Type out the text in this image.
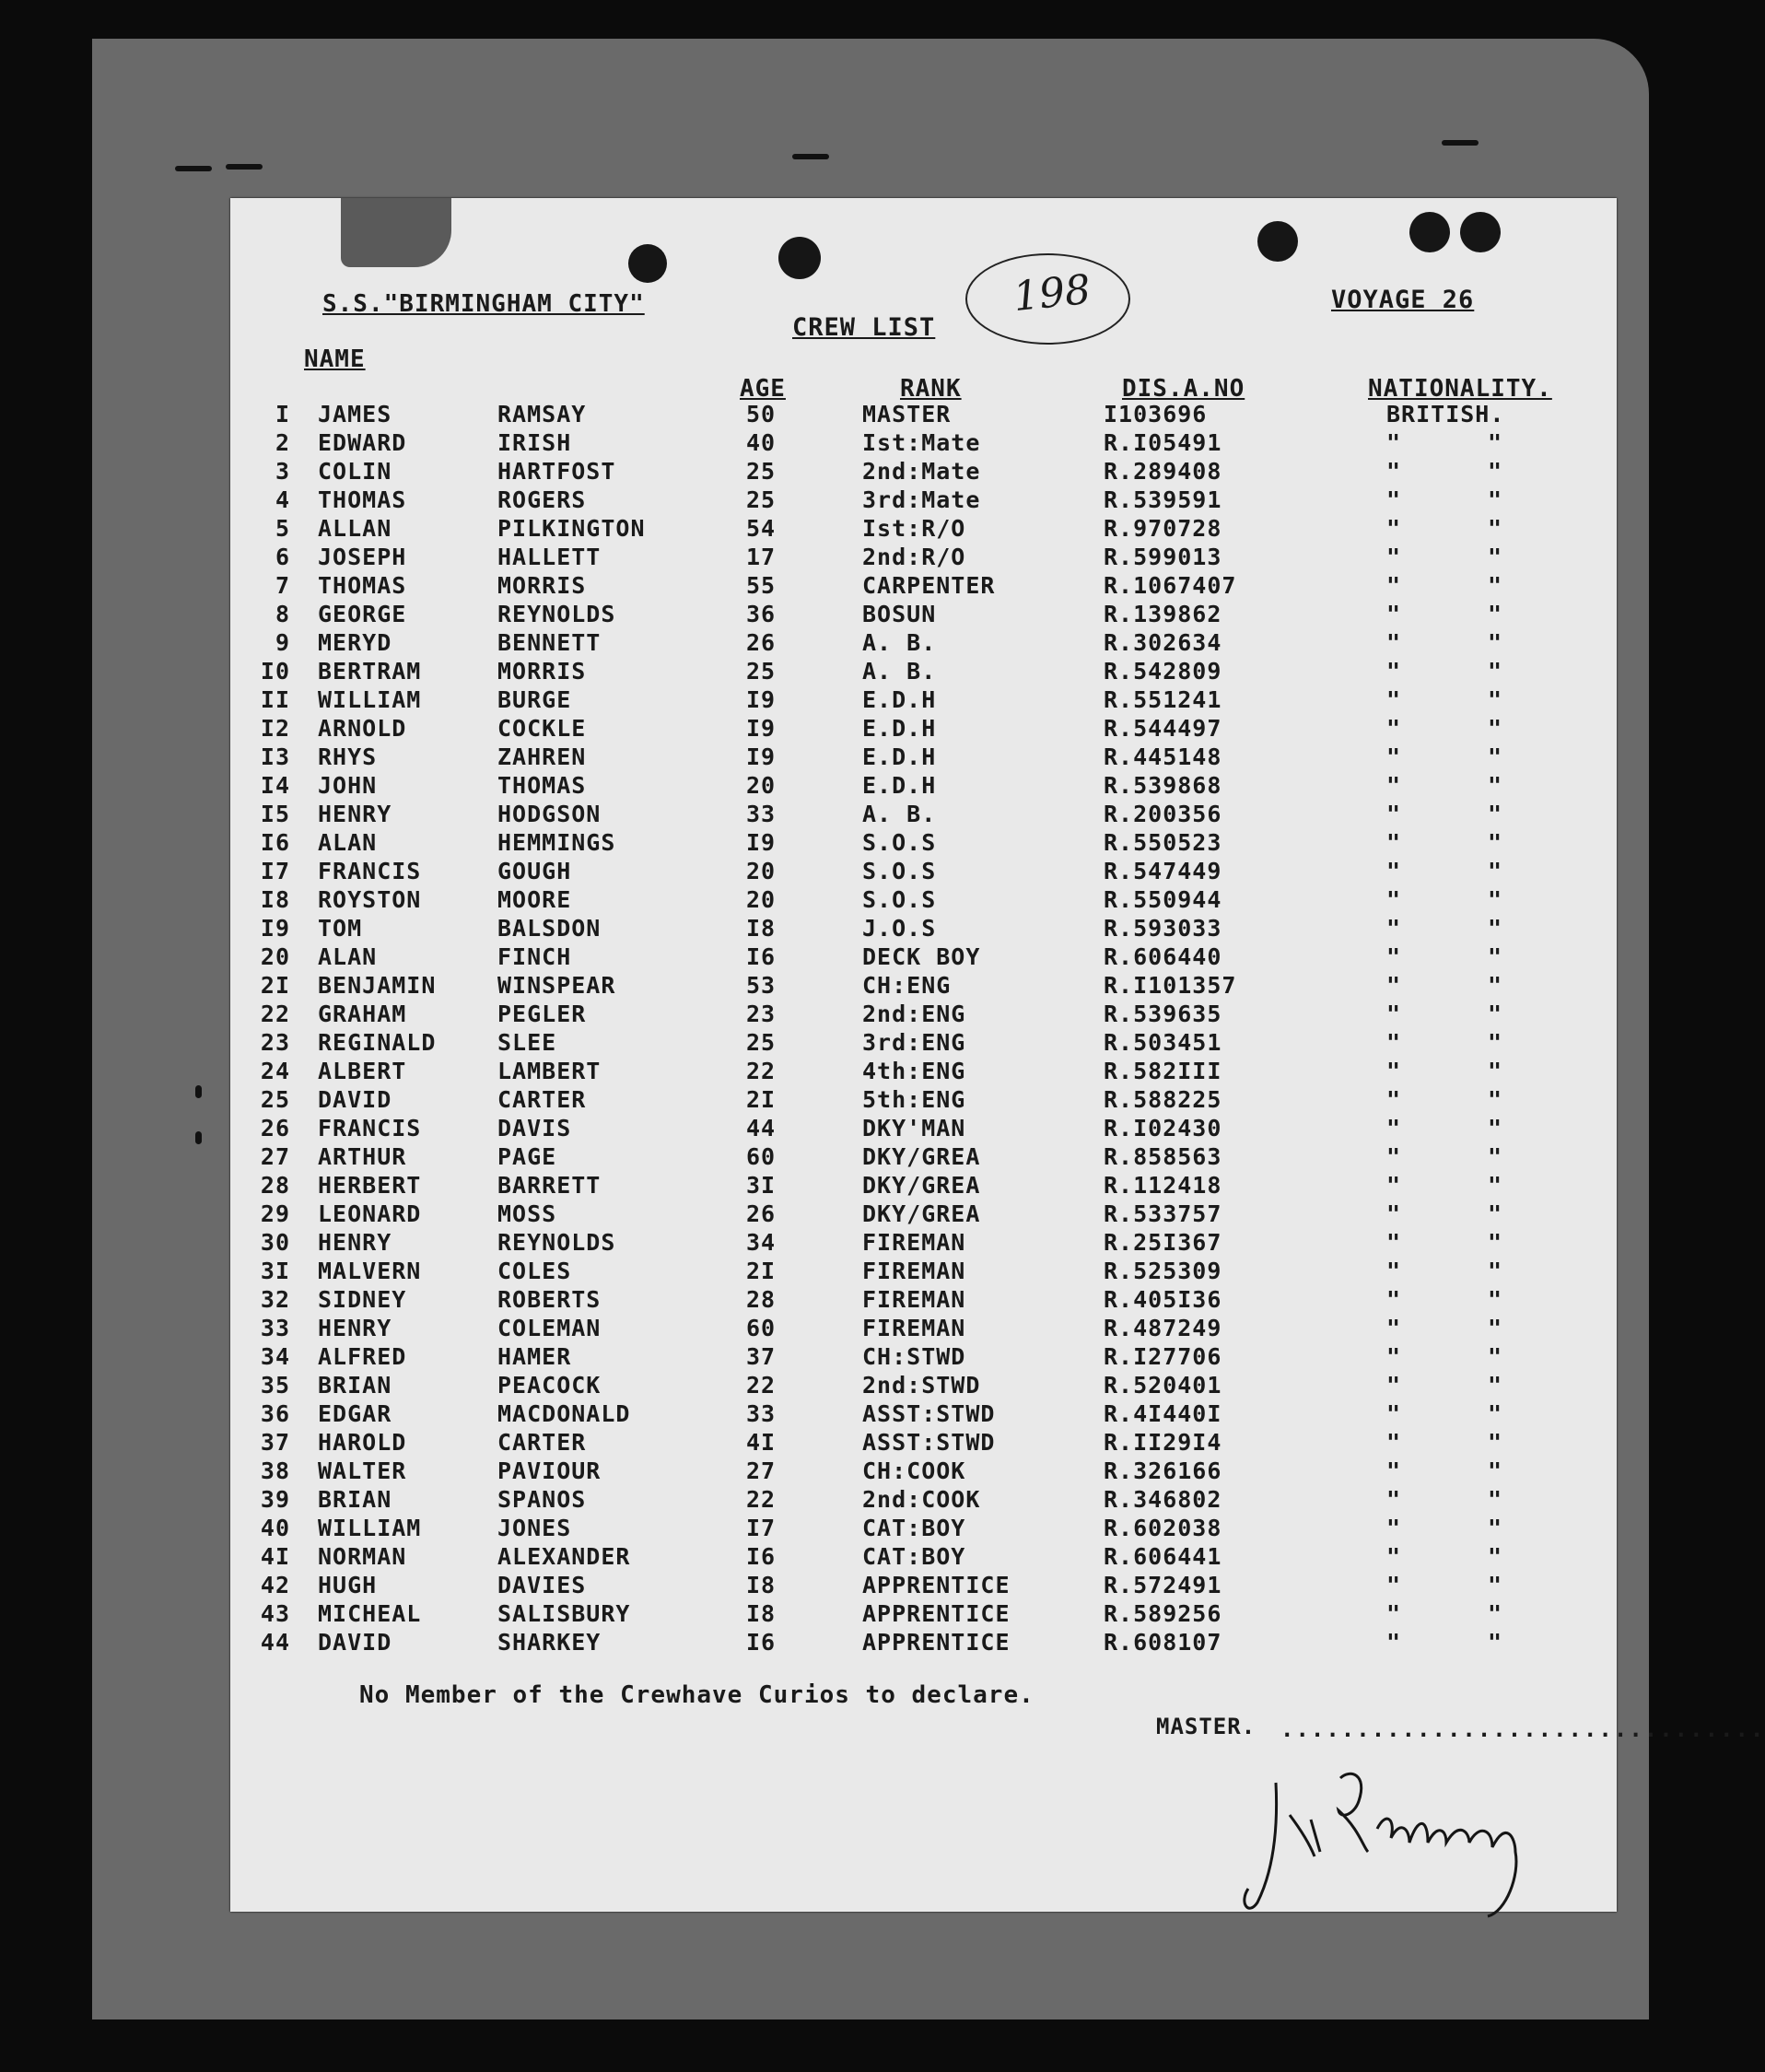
S.S."BIRMINGHAM CITY"	198
CREW LIST
VOYAGE 26
NAME
AGE	RANK	DIS.A.NO	NATIONALITY.
I JAMES	RAMSAY	50	MASTER	I103696	BRITISH.
2 EDWARD	IRISH	40	Ist:Mate	R.I05491	"	"
3 COLIN	HARTFOST	25	2nd:Mate	R.289408	"	"
4 THOMAS	ROGERS	25	3rd:Mate	R.539591	"	"
5 ALLAN	PILKINGTON	54	Ist:R/O	R.970728	"	"
6 JOSEPH	HALLETT	17	2nd:R/O	R.599013	"	"
7 THOMAS	MORRIS	55	CARPENTER	R.1067407	"	"
8 GEORGE	REYNOLDS	36	BOSUN	R.139862	"	"
9 MERYD	BENNETT	26	A. B.	R.302634	"	"
I0 BERTRAM	MORRIS	25	A. B.	R.542809	"	"
II WILLIAM	BURGE	I9	E.D.H	R.551241	"	"
I2 ARNOLD	COCKLE	I9	E.D.H	R.544497	"	"
I3 RHYS	ZAHREN	I9	E.D.H	R.445148	"	"
I4 JOHN	THOMAS	20	E.D.H	R.539868	"	"
I5 HENRY	HODGSON	33	A. B.	R.200356	"	"
I6 ALAN	HEMMINGS	I9	S.O.S	R.550523	"	"
I7 FRANCIS	GOUGH	20	S.O.S	R.547449	"	"
I8 ROYSTON	MOORE	20	S.O.S	R.550944	"	"
I9 TOM	BALSDON	I8	J.O.S	R.593033	"	"
20 ALAN	FINCH	I6	DECK BOY	R.606440	"	"
2I BENJAMIN	WINSPEAR	53	CH:ENG	R.I101357	"	"
22 GRAHAM	PEGLER	23	2nd:ENG	R.539635	"	"
23 REGINALD	SLEE	25	3rd:ENG	R.503451	"	"
24 ALBERT	LAMBERT	22	4th:ENG	R.582III	"	"
25 DAVID	CARTER	2I	5th:ENG	R.588225	"	"
26 FRANCIS	DAVIS	44	DKY'MAN	R.I02430	"	"
27 ARTHUR	PAGE	60	DKY/GREA	R.858563	"	"
28 HERBERT	BARRETT	3I	DKY/GREA	R.112418	"	"
29 LEONARD	MOSS	26	DKY/GREA	R.533757	"	"
30 HENRY	REYNOLDS	34	FIREMAN	R.25I367	"	"
3I MALVERN	COLES	2I	FIREMAN	R.525309	"	"
32 SIDNEY	ROBERTS	28	FIREMAN	R.405I36	"	"
33 HENRY	COLEMAN	60	FIREMAN	R.487249	"	"
34 ALFRED	HAMER	37	CH:STWD	R.I27706	"	"
35 BRIAN	PEACOCK	22	2nd:STWD	R.520401	"	"
36 EDGAR	MACDONALD	33	ASST:STWD	R.4I440I	"	"
37 HAROLD	CARTER	4I	ASST:STWD	R.II29I4	"	"
38 WALTER	PAVIOUR	27	CH:COOK	R.326166	"	"
39 BRIAN	SPANOS	22	2nd:COOK	R.346802	"	"
40 WILLIAM	JONES	I7	CAT:BOY	R.602038	"	"
4I NORMAN	ALEXANDER	I6	CAT:BOY	R.606441	"	"
42 HUGH	DAVIES	I8	APPRENTICE	R.572491	"	"
43 MICHEAL	SALISBURY	I8	APPRENTICE	R.589256	"	"
44 DAVID	SHARKEY	I6	APPRENTICE	R.608107	"	"
No Member of the Crewhave Curios to declare.
MASTER. ................................
